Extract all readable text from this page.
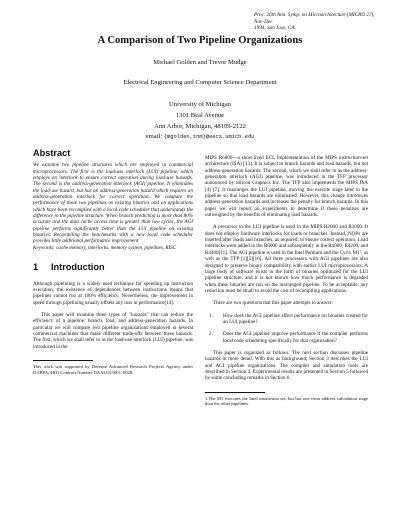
Proc. 26th Ann. Symp. on Microarchitecture (MICRO 27), Nov-Dec
1994, San Jose, CA.
A Comparison of Two Pipeline Organizations
Michael Golden and Trevor Mudge
Electrical Engineering and Computer Science Department
University of Michigan
1301 Beal Avenue
Ann Arbor, Michigan, 48109-2122
email: {mgolden,tnm}@eecs.umich.edu
Abstract

We examine two pipeline structures which are employed in commercial microprocessors. The first is the load-use interlock (LUI) pipeline, which employs an interlock to ensure correct operation during load-use hazards. The second is the address-generation interlock (AGI) pipeline. It eliminates the load-use hazard, but has an address-generation hazard which requires an address-generation interlock for correct operation. We compare the performance of these two pipelines on existing binaries and on applications which have been recompiled with a local code scheduler that understands the difference in the pipeline structure. When branch prediction is more than 80% accurate and the data cache access time is greater than two cycles, the AGI pipeline performs significantly better than the LUI pipeline on existing binaries. Recompiling the benchmarks with a new local code scheduler provides little additional performance improvement.

Keywords: cache memory, interlocks, memory system, pipelines, RISC

1 Introduction

Although pipelining is a widely used technique for speeding up instruction execution, the existence of dependences between instructions means that pipelines cannot run at 100% efficiency. Nevertheless, the improvement in speed through pipelining usually offsets any loss in performance[14].

This paper will examine three types of "hazards" that can reduce the efficiency of a pipeline: branch, load, and address-generation hazards. In particular we will compare two pipeline organizations employed in several commercial machines that make different trade-offs between these hazards. The first, which we shall refer to as the load-use interlock (LUI) pipeline, was introduced in the

This work was supported by Defense Advanced Research Projects Agency under DARPA/ARO Contract Number DAAL03-90-C-0028.

MIPS R6000—a short-lived ECL implementation of the MIPS instruction-set architecture (ISA) [13]. It is subject to branch hazards and load hazards, but not address-generation hazards. The second, which we shall refer to as the address-generation interlock (AGI) pipeline, was introduced in the TFP processor announced by Silicon Graphics Inc. The TFP also implements the MIPS ISA [4] [7]. It rearranges the LUI pipeline, moving the execute stage later in the pipeline so that load hazards are eliminated. However, this change introduces address-generation hazards and increases the penalty for branch hazards. In this paper we will report on experiments to determine if these penalties are outweighed by the benefits of eliminating load hazards.

A precursor to the LUI pipeline is used in the MIPS R2000 and R3000. It does not employ hardware interlocks for loads or branches. Instead, NOPs are inserted after loads and branches, as required, to ensure correct operation. Load interlocks were added in the R6000 and subsequently in the R4000, R4200, and R4400[11]. The AGI pipeline is used in the Intel Pentium and the Cyrix M1¹, as well as the TFP [1][5][16]. All three processors with AGI pipelines are also designed to preserve binary compatibility with earlier LUI microprocessors. A large body of software exists in the form of binaries optimized for the LUI pipeline structure, and it is not known how much performance is degraded when these binaries are run on the rearranged pipeline. To be acceptable, any reduction must be small to avoid the cost of recompiling applications.

There are two questions that this paper attempts to answer:

1.	How does the AGI pipeline affect performance on binaries created for an LUI pipeline?
2.	Does the AGI pipeline improve performance if the compiler performs local code scheduling specifically for that organization?

This paper is organized as follows. The next section discusses pipeline hazards in more detail. With this as background, Section 3 describes the LUI and AGI pipeline organizations. The compiler and simulation tools are described in Section 4. Experimental results are presented in Section 5 followed by some concluding remarks in Section 6.

1.The M1 executes the Intel instruction set, but has one extra address calculation stage than the other pipelines.
